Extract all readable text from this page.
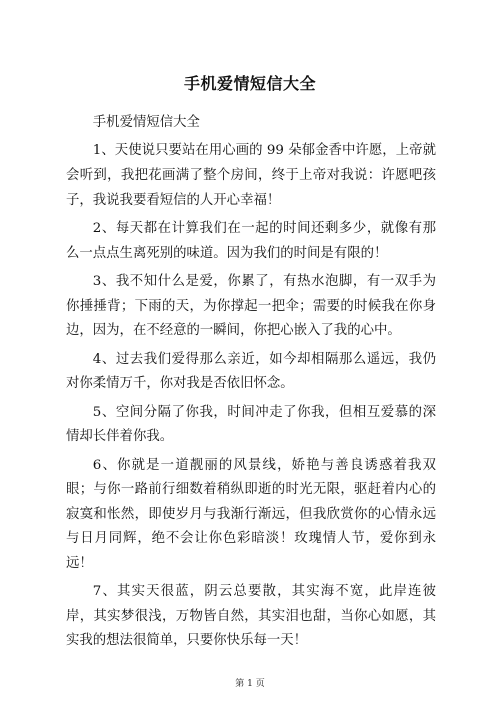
手机爱情短信大全

手机爱情短信大全

1、天使说只要站在用心画的 99 朵郁金香中许愿，上帝就会听到，我把花画满了整个房间，终于上帝对我说：许愿吧孩子，我说我要看短信的人开心幸福！

2、每天都在计算我们在一起的时间还剩多少，就像有那么一点点生离死别的味道。因为我们的时间是有限的！

3、我不知什么是爱，你累了，有热水泡脚，有一双手为你捶捶背；下雨的天，为你撑起一把伞；需要的时候我在你身边，因为，在不经意的一瞬间，你把心嵌入了我的心中。

4、过去我们爱得那么亲近，如今却相隔那么遥远，我仍对你柔情万千，你对我是否依旧怀念。

5、空间分隔了你我，时间冲走了你我，但相互爱慕的深情却长伴着你我。

6、你就是一道靓丽的风景线，娇艳与善良诱惑着我双眼；与你一路前行细数着稍纵即逝的时光无限，驱赶着内心的寂寞和怅然，即使岁月与我渐行渐远，但我欣赏你的心情永远与日月同辉，绝不会让你色彩暗淡！玫瑰情人节，爱你到永远！

7、其实天很蓝，阴云总要散，其实海不宽，此岸连彼岸，其实梦很浅，万物皆自然，其实泪也甜，当你心如愿，其实我的想法很简单，只要你快乐每一天！

第 1 页
